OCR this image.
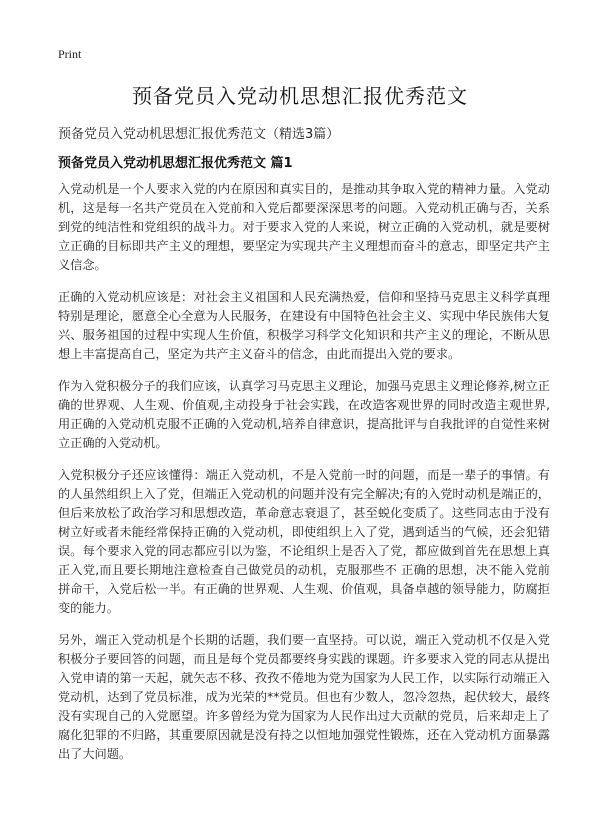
Print
预备党员入党动机思想汇报优秀范文
预备党员入党动机思想汇报优秀范文（精选3篇）
预备党员入党动机思想汇报优秀范文 篇1

入党动机是一个人要求入党的内在原因和真实目的，是推动其争取入党的精神力量。入党动机，这是每一名共产党员在入党前和入党后都要深深思考的问题。入党动机正确与否，关系到党的纯洁性和党组织的战斗力。对于要求入党的人来说，树立正确的入党动机，就是要树立正确的目标即共产主义的理想，要坚定为实现共产主义理想而奋斗的意志，即坚定共产主义信念。

正确的入党动机应该是：对社会主义祖国和人民充满热爱，信仰和坚持马克思主义科学真理特别是理论，愿意全心全意为人民服务，在建设有中国特色社会主义、实现中华民族伟大复兴、服务祖国的过程中实现人生价值，积极学习科学文化知识和共产主义的理论，不断从思想上丰富提高自己，坚定为共产主义奋斗的信念，由此而提出入党的要求。

作为入党积极分子的我们应该，认真学习马克思主义理论，加强马克思主义理论修养,树立正确的世界观、人生观、价值观,主动投身于社会实践，在改造客观世界的同时改造主观世界,用正确的入党动机克服不正确的入党动机,培养自律意识，提高批评与自我批评的自觉性来树立正确的入党动机。

入党积极分子还应该懂得：端正入党动机，不是入党前一时的问题，而是一辈子的事情。有的人虽然组织上入了党，但端正入党动机的问题并没有完全解决;有的入党时动机是端正的，但后来放松了政治学习和思想改造，革命意志衰退了，甚至蜕化变质了。这些同志由于没有树立好或者未能经常保持正确的入党动机，即使组织上入了党，遇到适当的气候，还会犯错误。每个要求入党的同志都应引以为鉴，不论组织上是否入了党，都应做到首先在思想上真正入党,而且要长期地注意检查自己做党员的动机，克服那些不 正确的思想，决不能入党前拼命干，入党后松一半。有正确的世界观、人生观、价值观，具备卓越的领导能力，防腐拒变的能力。

另外，端正入党动机是个长期的话题，我们要一直坚持。可以说，端正入党动机不仅是入党积极分子要回答的问题，而且是每个党员都要终身实践的课题。许多要求入党的同志从提出入党申请的第一天起，就矢志不移、孜孜不倦地为党为国家为人民工作，以实际行动端正入党动机，达到了党员标准，成为光荣的**党员。但也有少数人，忽冷忽热，起伏较大，最终没有实现自己的入党愿望。许多曾经为党为国家为人民作出过大贡献的党员，后来却走上了腐化犯罪的不归路，其重要原因就是没有持之以恒地加强党性锻炼，还在入党动机方面暴露出了大问题。
